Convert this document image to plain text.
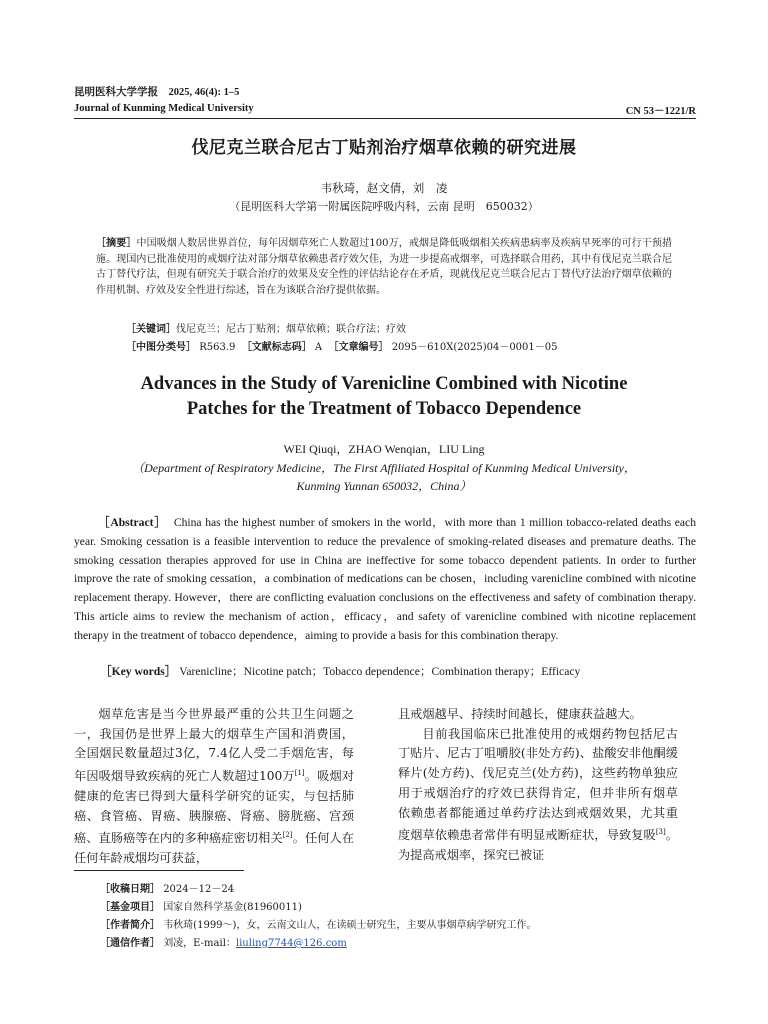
昆明医科大学学报　2025, 46(4): 1–5
Journal of Kunming Medical University	CN 53－1221/R
伐尼克兰联合尼古丁贴剂治疗烟草依赖的研究进展
韦秋琦，赵文倩，刘　凌
（昆明医科大学第一附属医院呼吸内科，云南 昆明　650032）
［摘要］中国吸烟人数居世界首位，每年因烟草死亡人数超过100万，戒烟是降低吸烟相关疾病患病率及疾病早死率的可行干预措施。现国内已批准使用的戒烟疗法对部分烟草依赖患者疗效欠佳，为进一步提高戒烟率，可选择联合用药，其中有伐尼克兰联合尼古丁替代疗法，但现有研究关于联合治疗的效果及安全性的评估结论存在矛盾，现就伐尼克兰联合尼古丁替代疗法治疗烟草依赖的作用机制、疗效及安全性进行综述，旨在为该联合治疗提供依据。
［关键词］伐尼克兰；尼古丁贴剂；烟草依赖；联合疗法；疗效
［中图分类号］ R563.9 ［文献标志码］ A ［文章编号］ 2095－610X(2025)04－0001－05
Advances in the Study of Varenicline Combined with Nicotine
Patches for the Treatment of Tobacco Dependence
WEI Qiuqi，ZHAO Wenqian，LIU Ling
（Department of Respiratory Medicine，The First Affiliated Hospital of Kunming Medical University，
Kunming Yunnan 650032，China）
［Abstract］ China has the highest number of smokers in the world，with more than 1 million tobacco-related deaths each year. Smoking cessation is a feasible intervention to reduce the prevalence of smoking-related diseases and premature deaths. The smoking cessation therapies approved for use in China are ineffective for some tobacco dependent patients. In order to further improve the rate of smoking cessation，a combination of medications can be chosen，including varenicline combined with nicotine replacement therapy. However，there are conflicting evaluation conclusions on the effectiveness and safety of combination therapy. This article aims to review the mechanism of action，efficacy，and safety of varenicline combined with nicotine replacement therapy in the treatment of tobacco dependence，aiming to provide a basis for this combination therapy.
［Key words］ Varenicline；Nicotine patch；Tobacco dependence；Combination therapy；Efficacy

烟草危害是当今世界最严重的公共卫生问题之一，我国仍是世界上最大的烟草生产国和消费国，全国烟民数量超过3亿，7.4亿人受二手烟危害，每年因吸烟导致疾病的死亡人数超过100万[1]。吸烟对健康的危害已得到大量科学研究的证实，与包括肺癌、食管癌、胃癌、胰腺癌、肾癌、膀胱癌、宫颈癌、直肠癌等在内的多种癌症密切相关[2]。任何人在任何年龄戒烟均可获益，

且戒烟越早、持续时间越长，健康获益越大。

目前我国临床已批准使用的戒烟药物包括尼古丁贴片、尼古丁咀嚼胶(非处方药)、盐酸安非他酮缓释片(处方药)、伐尼克兰(处方药)，这些药物单独应用于戒烟治疗的疗效已获得肯定，但并非所有烟草依赖患者都能通过单药疗法达到戒烟效果，尤其重度烟草依赖患者常伴有明显戒断症状，导致复吸[3]。为提高戒烟率，探究已被证

［收稿日期］ 2024－12－24
［基金项目］ 国家自然科学基金(81960011)
［作者简介］ 韦秋琦(1999～)，女，云南文山人，在读硕士研究生，主要从事烟草病学研究工作。
［通信作者］ 刘凌，E-mail：liuling7744@126.com
